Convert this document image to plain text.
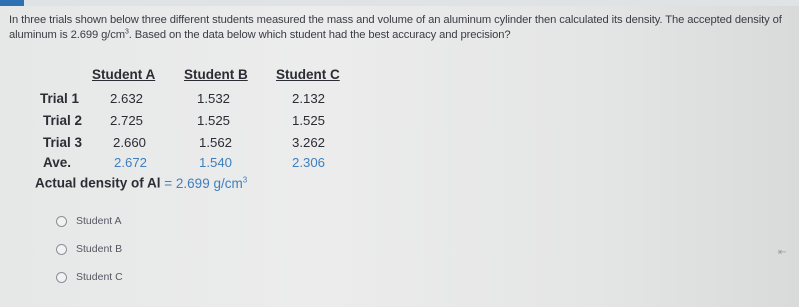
In three trials shown below three different students measured the mass and volume of an aluminum cylinder then calculated its density. The accepted density of aluminum is 2.699 $g/cm^3$. Based on the data below which student had the best accuracy and precision?
Student A Student B Student C
Trial 1 2.632	1.532	2.132
Trial 2 2.725	1.525	1.525
Trial 3 2.660	1.562	3.262
Ave.	2.672	1.540	2.306
Actual density of Al = 2.699 $g/cm^3$
Student A
Student B
Student C
⇤
